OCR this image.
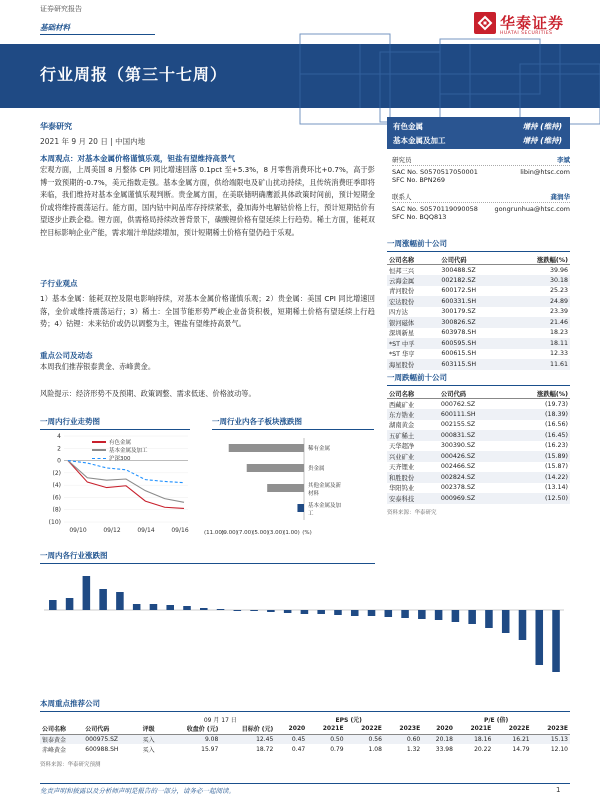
证券研究报告
基础材料	华泰证券
HUATAI SECURITIES
行业周报（第三十七周）
华泰研究
2021 年 9 月 20 日 | 中国内地
本周观点：对基本金属价格谨慎乐观，钽盐有望维持高景气
宏观方面，上周美国 8 月整体 CPI 同比增速回落 0.1pct 至+5.3%，8 月零售消费环比+0.7%，高于彭博一致预期的-0.7%，美元指数走强。基本金属方面，供给端限电及矿山扰动持续，且传统消费旺季即将来临，我们维持对基本金属谨慎乐观判断。贵金属方面，在美联储明确鹰派具体政策时间前，预计短期金价或将维持震荡运行。能方面，国内钴中间品库存持续紧张，叠加海外电解钴价格上行，预计短期钴价有望逐步止跌企稳。锂方面，供需格局持续改善背景下，碳酸锂价格有望延续上行趋势。稀土方面，能耗双控目标影响企业产能，需求端汁单陆续增加，预计短期稀土价格有望仍趋于乐观。
子行业观点
1）基本金属：能耗双控及限电影响持续，对基本金属价格谨慎乐观；2）贵金属：美国 CPI 同比增速回落，金价或维持震荡运行；3）稀土：全国节能形势严峻企业备货积极，短期稀土价格有望延续上行趋势；4）钴锂：未来钴价或仍以调整为主，锂盐有望维持高景气。
重点公司及动态
本周我们推荐银泰黄金、赤峰黄金。
风险提示：经济形势不及预期、政策调整、需求低迷、价格波动等。
有色金属	增持 (维持)
基本金属及加工	增持 (维持)
研究员	李斌
SAC No. S0570517050001	libin@htsc.com
SFC No. BPN269
联系人	龚润华
SAC No. S0570119090058	gongrunhua@htsc.com
SFC No. BQQ813
一周涨幅前十公司
公司名称	公司代码	涨跌幅(%)
恒邦三兴	300488.SZ	39.96
云海金属	002182.SZ	30.18
青河股份	600172.SH	25.23
宏达股份	600331.SH	24.89
四方达	300179.SZ	23.39
银河磁体	300826.SZ	21.46
深圳新星	603978.SH	18.23
*ST 中孚	600595.SH	18.11
*ST 华亨	600615.SH	12.33
海星股份	603115.SH	11.61
一周跌幅前十公司
公司名称	公司代码	涨跌幅(%)
西藏矿业	000762.SZ	(19.73)
东方锆业	600111.SH	(18.39)
湖南黄金	002155.SZ	(16.56)
五矿稀土	000831.SZ	(16.45)
天华超净	300390.SZ	(16.23)
兴业矿业	000426.SZ	(15.89)
天齐锂业	002466.SZ	(15.87)
和胜股份	002824.SZ	(14.22)
华阳钨业	002378.SZ	(13.14)
安泰科技	000969.SZ	(12.50)
资料来源：华泰研究
一周内行业走势图
4
2
0
(2)
(4)
(6)
(8)
(10)
09/10	09/12	09/14	09/16
有色金属
基本金属及加工
沪深300
一周行业内各子板块涨跌图
稀有金属
贵金属
其他金属及新
材料
基本金属及加
工
(11.00)
(9.00)
(7.00)
(5.00)
(3.00)
(1.00) (%)
一周内各行业涨跌图
本周重点推荐公司
			09 月 17 日		EPS (元)				P/E (倍)			
公司名称	公司代码	评级	收盘价 (元)	目标价 (元)	2020	2021E	2022E	2023E	2020	2021E	2022E	2023E
银泰黄金	000975.SZ	买入	9.08	12.45	0.45	0.50	0.56	0.60	20.18	18.16	16.21	15.13
赤峰黄金	600988.SH	买入	15.97	18.72	0.47	0.79	1.08	1.32	33.98	20.22	14.79	12.10
资料来源：华泰研究预测
免责声明和披露以及分析师声明是报告的一部分，请务必一起阅读。	1
